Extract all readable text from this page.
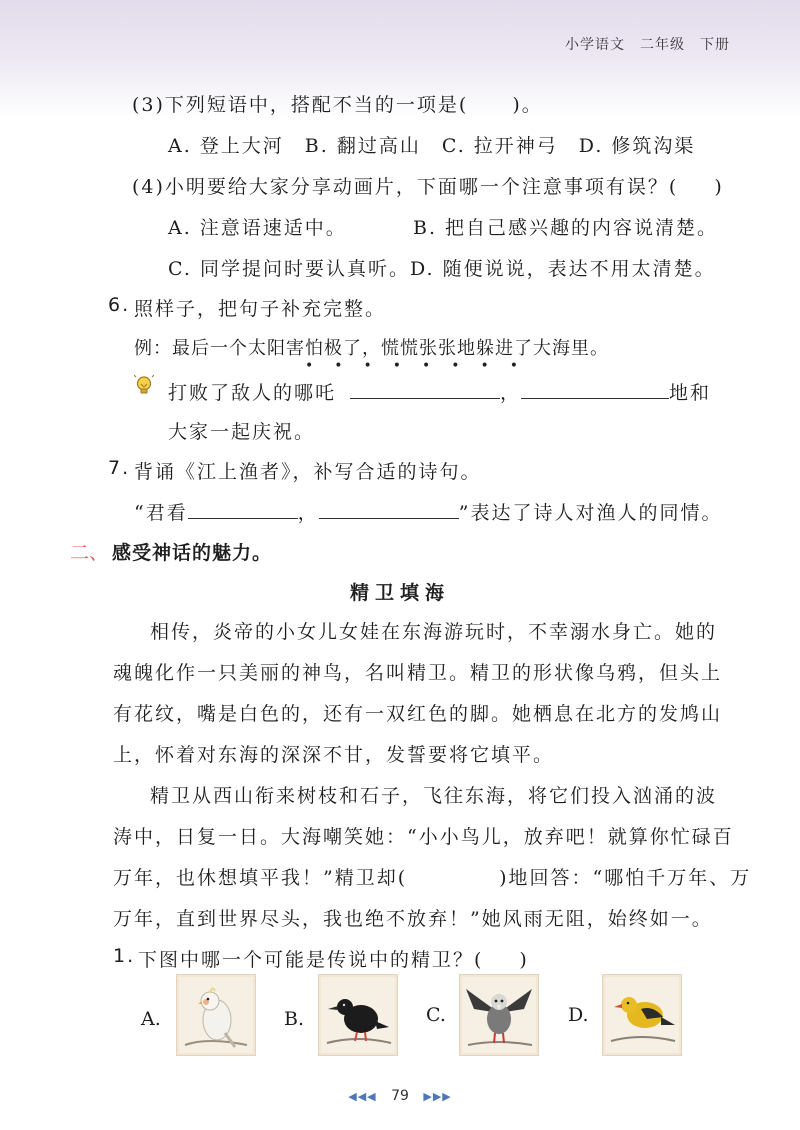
小学语文　二年级　下册
(3)下列短语中，搭配不当的一项是( )。
A. 登上大河　B. 翻过高山　C. 拉开神弓　D. 修筑沟渠
(4)小明要给大家分享动画片，下面哪一个注意事项有误？( )
A. 注意语速适中。	B. 把自己感兴趣的内容说清楚。
C. 同学提问时要认真听。D. 随便说说，表达不用太清楚。
6. 照样子，把句子补充完整。
例：最后一个太阳害怕极了，慌慌张张地躲进了大海里。
••••••••
打败了敌人的哪吒	，	地和
大家一起庆祝。
7. 背诵《江上渔者》，补写合适的诗句。
“君看	，	”表达了诗人对渔人的同情。
二、 感受神话的魅力。
精卫填海
相传，炎帝的小女儿女娃在东海游玩时，不幸溺水身亡。她的
魂魄化作一只美丽的神鸟，名叫精卫。精卫的形状像乌鸦，但头上
有花纹，嘴是白色的，还有一双红色的脚。她栖息在北方的发鸠山
上，怀着对东海的深深不甘，发誓要将它填平。
精卫从西山衔来树枝和石子，飞往东海，将它们投入汹涌的波
涛中，日复一日。大海嘲笑她：“小小鸟儿，放弃吧！就算你忙碌百
万年，也休想填平我！”精卫却(	)地回答：“哪怕千万年、万
万年，直到世界尽头，我也绝不放弃！”她风雨无阻，始终如一。
1. 下图中哪一个可能是传说中的精卫？( )
A.	B.	C.	D.
◀◀◀ 79 ▶▶▶
